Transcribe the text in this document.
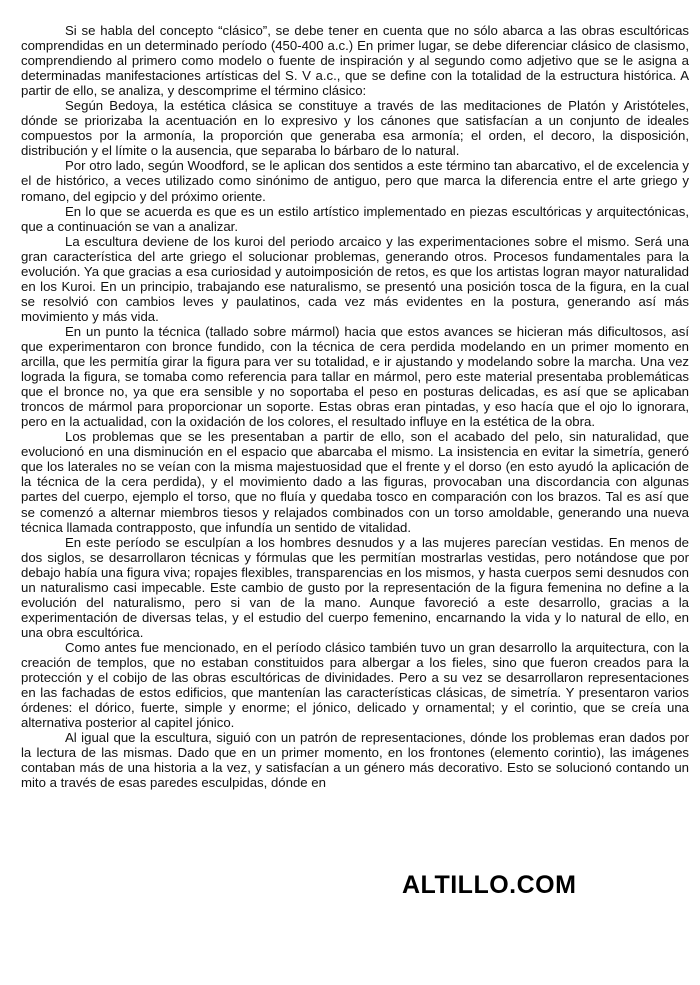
Si se habla del concepto “clásico”, se debe tener en cuenta que no sólo abarca a las obras escultóricas comprendidas en un determinado período (450-400 a.c.) En primer lugar, se debe diferenciar clásico de clasismo, comprendiendo al primero como modelo o fuente de inspiración y al segundo como adjetivo que se le asigna a determinadas manifestaciones artísticas del S. V a.c., que se define con la totalidad de la estructura histórica. A partir de ello, se analiza, y descomprime el término clásico:

Según Bedoya, la estética clásica se constituye a través de las meditaciones de Platón y Aristóteles, dónde se priorizaba la acentuación en lo expresivo y los cánones que satisfacían a un conjunto de ideales compuestos por la armonía, la proporción que generaba esa armonía; el orden, el decoro, la disposición, distribución y el límite o la ausencia, que separaba lo bárbaro de lo natural.

Por otro lado, según Woodford, se le aplican dos sentidos a este término tan abarcativo, el de excelencia y el de histórico, a veces utilizado como sinónimo de antiguo, pero que marca la diferencia entre el arte griego y romano, del egipcio y del próximo oriente.

En lo que se acuerda es que es un estilo artístico implementado en piezas escultóricas y arquitectónicas, que a continuación se van a analizar.

La escultura deviene de los kuroi del periodo arcaico y las experimentaciones sobre el mismo. Será una gran característica del arte griego el solucionar problemas, generando otros. Procesos fundamentales para la evolución. Ya que gracias a esa curiosidad y autoimposición de retos, es que los artistas logran mayor naturalidad en los Kuroi. En un principio, trabajando ese naturalismo, se presentó una posición tosca de la figura, en la cual se resolvió con cambios leves y paulatinos, cada vez más evidentes en la postura, generando así más movimiento y más vida.

En un punto la técnica (tallado sobre mármol) hacia que estos avances se hicieran más dificultosos, así que experimentaron con bronce fundido, con la técnica de cera perdida modelando en un primer momento en arcilla, que les permitía girar la figura para ver su totalidad, e ir ajustando y modelando sobre la marcha. Una vez lograda la figura, se tomaba como referencia para tallar en mármol, pero este material presentaba problemáticas que el bronce no, ya que era sensible y no soportaba el peso en posturas delicadas, es así que se aplicaban troncos de mármol para proporcionar un soporte. Estas obras eran pintadas, y eso hacía que el ojo lo ignorara, pero en la actualidad, con la oxidación de los colores, el resultado influye en la estética de la obra.

Los problemas que se les presentaban a partir de ello, son el acabado del pelo, sin naturalidad, que evolucionó en una disminución en el espacio que abarcaba el mismo. La insistencia en evitar la simetría, generó que los laterales no se veían con la misma majestuosidad que el frente y el dorso (en esto ayudó la aplicación de la técnica de la cera perdida), y el movimiento dado a las figuras, provocaban una discordancia con algunas partes del cuerpo, ejemplo el torso, que no fluía y quedaba tosco en comparación con los brazos. Tal es así que se comenzó a alternar miembros tiesos y relajados combinados con un torso amoldable, generando una nueva técnica llamada contrapposto, que infundía un sentido de vitalidad.

En este período se esculpían a los hombres desnudos y a las mujeres parecían vestidas. En menos de dos siglos, se desarrollaron técnicas y fórmulas que les permitían mostrarlas vestidas, pero notándose que por debajo había una figura viva; ropajes flexibles, transparencias en los mismos, y hasta cuerpos semi desnudos con un naturalismo casi impecable. Este cambio de gusto por la representación de la figura femenina no define a la evolución del naturalismo, pero si van de la mano. Aunque favoreció a este desarrollo, gracias a la experimentación de diversas telas, y el estudio del cuerpo femenino, encarnando la vida y lo natural de ello, en una obra escultórica.

Como antes fue mencionado, en el período clásico también tuvo un gran desarrollo la arquitectura, con la creación de templos, que no estaban constituidos para albergar a los fieles, sino que fueron creados para la protección y el cobijo de las obras escultóricas de divinidades. Pero a su vez se desarrollaron representaciones en las fachadas de estos edificios, que mantenían las características clásicas, de simetría. Y presentaron varios órdenes: el dórico, fuerte, simple y enorme; el jónico, delicado y ornamental; y el corintio, que se creía una alternativa posterior al capitel jónico.

Al igual que la escultura, siguió con un patrón de representaciones, dónde los problemas eran dados por la lectura de las mismas. Dado que en un primer momento, en los frontones (elemento corintio), las imágenes contaban más de una historia a la vez, y satisfacían a un género más decorativo. Esto se solucionó contando un mito a través de esas paredes esculpidas, dónde en

ALTILLO.COM
